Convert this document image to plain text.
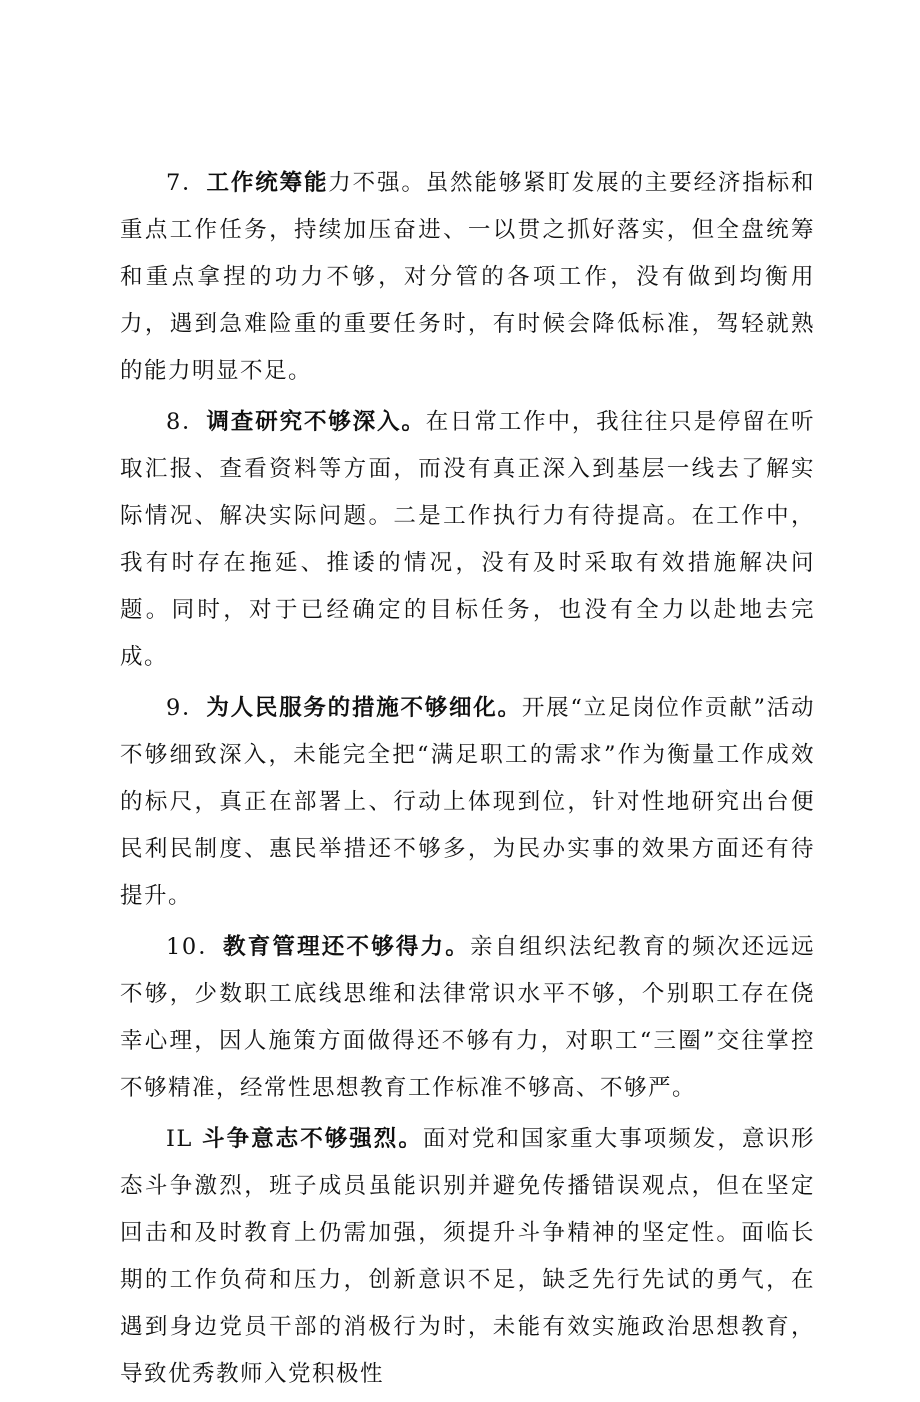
7．工作统筹能力不强。虽然能够紧盯发展的主要经济指标和重点工作任务，持续加压奋进、一以贯之抓好落实，但全盘统筹和重点拿捏的功力不够，对分管的各项工作，没有做到均衡用力，遇到急难险重的重要任务时，有时候会降低标准，驾轻就熟的能力明显不足。

8．调查研究不够深入。在日常工作中，我往往只是停留在听取汇报、查看资料等方面，而没有真正深入到基层一线去了解实际情况、解决实际问题。二是工作执行力有待提高。在工作中，我有时存在拖延、推诿的情况，没有及时采取有效措施解决问题。同时，对于已经确定的目标任务，也没有全力以赴地去完成。

9．为人民服务的措施不够细化。开展“立足岗位作贡献”活动不够细致深入，未能完全把“满足职工的需求”作为衡量工作成效的标尺，真正在部署上、行动上体现到位，针对性地研究出台便民利民制度、惠民举措还不够多，为民办实事的效果方面还有待提升。

10．教育管理还不够得力。亲自组织法纪教育的频次还远远不够，少数职工底线思维和法律常识水平不够，个别职工存在侥幸心理，因人施策方面做得还不够有力，对职工“三圈”交往掌控不够精准，经常性思想教育工作标准不够高、不够严。

IL 斗争意志不够强烈。面对党和国家重大事项频发，意识形态斗争激烈，班子成员虽能识别并避免传播错误观点，但在坚定回击和及时教育上仍需加强，须提升斗争精神的坚定性。面临长期的工作负荷和压力，创新意识不足，缺乏先行先试的勇气，在遇到身边党员干部的消极行为时，未能有效实施政治思想教育，导致优秀教师入党积极性
